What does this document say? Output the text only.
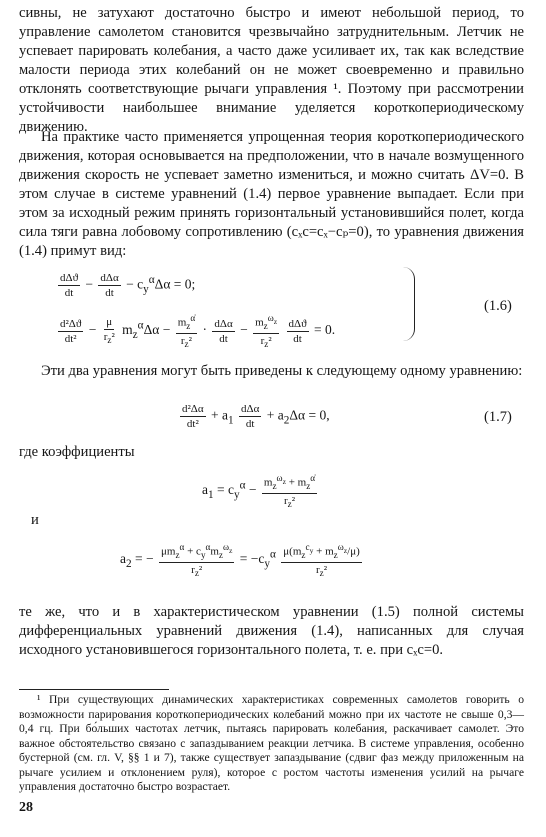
сивны, не затухают достаточно быстро и имеют небольшой период, то управление самолетом становится чрезвычайно затруднительным. Летчик не успевает парировать колебания, а часто даже усиливает их, так как вследствие малости периода этих колебаний он не может своевременно и правильно отклонять соответствующие рычаги управления ¹. Поэтому при рассмотрении устойчивости наибольшее внимание уделяется короткопериодическому движению.
На практике часто применяется упрощенная теория короткопериодического движения, которая основывается на предположении, что в начале возмущенного движения скорость не успевает заметно измениться, и можно считать ΔV=0. В этом случае в системе уравнений (1.4) первое уравнение выпадает. Если при этом за исходный режим принять горизонтальный установившийся полет, когда сила тяги равна лобовому сопротивлению (cₓc=cₓ−cₚ=0), то уравнения движения (1.4) примут вид:
$\frac{\text{dΔϑ}}{dt} - \frac{\text{dΔα}}{dt} - c_y^\alpha\Delta\alpha = 0$;
$\frac{\text{d²Δϑ}}{\text{dt²}} - \frac{\mu}{r_z^2} m_z^\alpha\Delta\alpha - \frac{m_z^{\alphȧ}}{r_z^2} \cdot \frac{\text{dΔα}}{dt} - \frac{m_z^{\omega_z}}{r_z^2}$
$\frac{\text{dΔϑ}}{dt} = 0$.
(1.6)
Эти два уравнения могут быть приведены к следующему одному уравнению:
$\frac{\text{d²Δα}}{\text{dt²}} + a_1 \frac{\text{dΔα}}{dt} + a_2\Delta\alpha = 0$,	(1.7)
где коэффициенты
$a_1 = c_y^\alpha - \frac{m_z^{\omega_z} + m_z^{\alphȧ}}{r_z^2}$
и
$a_2$ = − $\frac{\mu m_z^\alpha + c_y^\alpha m_z^{\omega_z}}{r_z^2} = -c_y^\alpha \frac{\mu(m_z^{c_y} + m_z^{\omega_z}/\mu)}{r_z^2}$
те же, что и в характеристическом уравнении (1.5) полной системы дифференциальных уравнений движения (1.4), написанных для случая исходного установившегося горизонтального полета, т. е. при cₓc=0.
¹ При существующих динамических характеристиках современных самолетов говорить о возможности парирования короткопериодических колебаний можно при их частоте не свыше 0,3—0,4 гц. При бо́льших частотах летчик, пытаясь парировать колебания, раскачивает самолет. Это важное обстоятельство связано с запаздыванием реакции летчика. В системе управления, особенно бустерной (см. гл. V, §§ 1 и 7), также существует запаздывание (сдвиг фаз между приложенным на рычаге усилием и отклонением руля), которое с ростом частоты изменения усилий на рычаге управления достаточно быстро возрастает.
28
